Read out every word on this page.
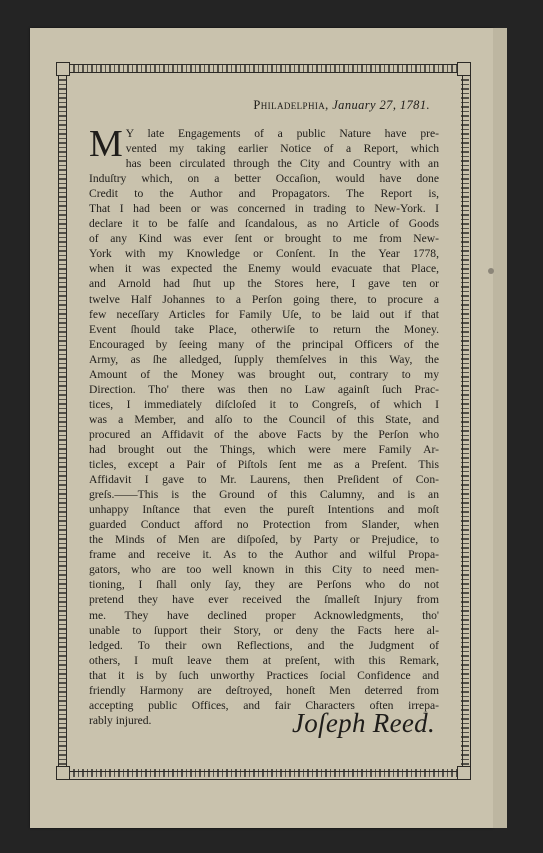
Philadelphia, January 27, 1781.
M Y late Engagements of a public Nature have pre-
vented my taking earlier Notice of a Report, which
has been circulated through the City and Country with an
Induſtry which, on a better Occaſion, would have done
Credit to the Author and Propagators. The Report is,
That I had been or was concerned in trading to New-York. I
declare it to be falſe and ſcandalous, as no Article of Goods
of any Kind was ever ſent or brought to me from New-
York with my Knowledge or Conſent. In the Year 1778,
when it was expected the Enemy would evacuate that Place,
and Arnold had ſhut up the Stores here, I gave ten or
twelve Half Johannes to a Perſon going there, to procure a
few neceſſary Articles for Family Uſe, to be laid out if that
Event ſhould take Place, otherwiſe to return the Money.
Encouraged by ſeeing many of the principal Officers of the
Army, as ſhe alledged, ſupply themſelves in this Way, the
Amount of the Money was brought out, contrary to my
Direction. Tho' there was then no Law againſt ſuch Prac-
tices, I immediately diſcloſed it to Congreſs, of which I
was a Member, and alſo to the Council of this State, and
procured an Affidavit of the above Facts by the Perſon who
had brought out the Things, which were mere Family Ar-
ticles, except a Pair of Piſtols ſent me as a Preſent. This
Affidavit I gave to Mr. Laurens, then Preſident of Con-
greſs.——This is the Ground of this Calumny, and is an
unhappy Inſtance that even the pureſt Intentions and moſt
guarded Conduct afford no Protection from Slander, when
the Minds of Men are diſpoſed, by Party or Prejudice, to
frame and receive it. As to the Author and wilful Propa-
gators, who are too well known in this City to need men-
tioning, I ſhall only ſay, they are Perſons who do not
pretend they have ever received the ſmalleſt Injury from
me. They have declined proper Acknowledgments, tho'
unable to ſupport their Story, or deny the Facts here al-
ledged. To their own Reflections, and the Judgment of
others, I muſt leave them at preſent, with this Remark,
that it is by ſuch unworthy Practices ſocial Confidence and
friendly Harmony are deſtroyed, honeſt Men deterred from
accepting public Offices, and fair Characters often irrepa-
rably injured.	Joſeph Reed.
